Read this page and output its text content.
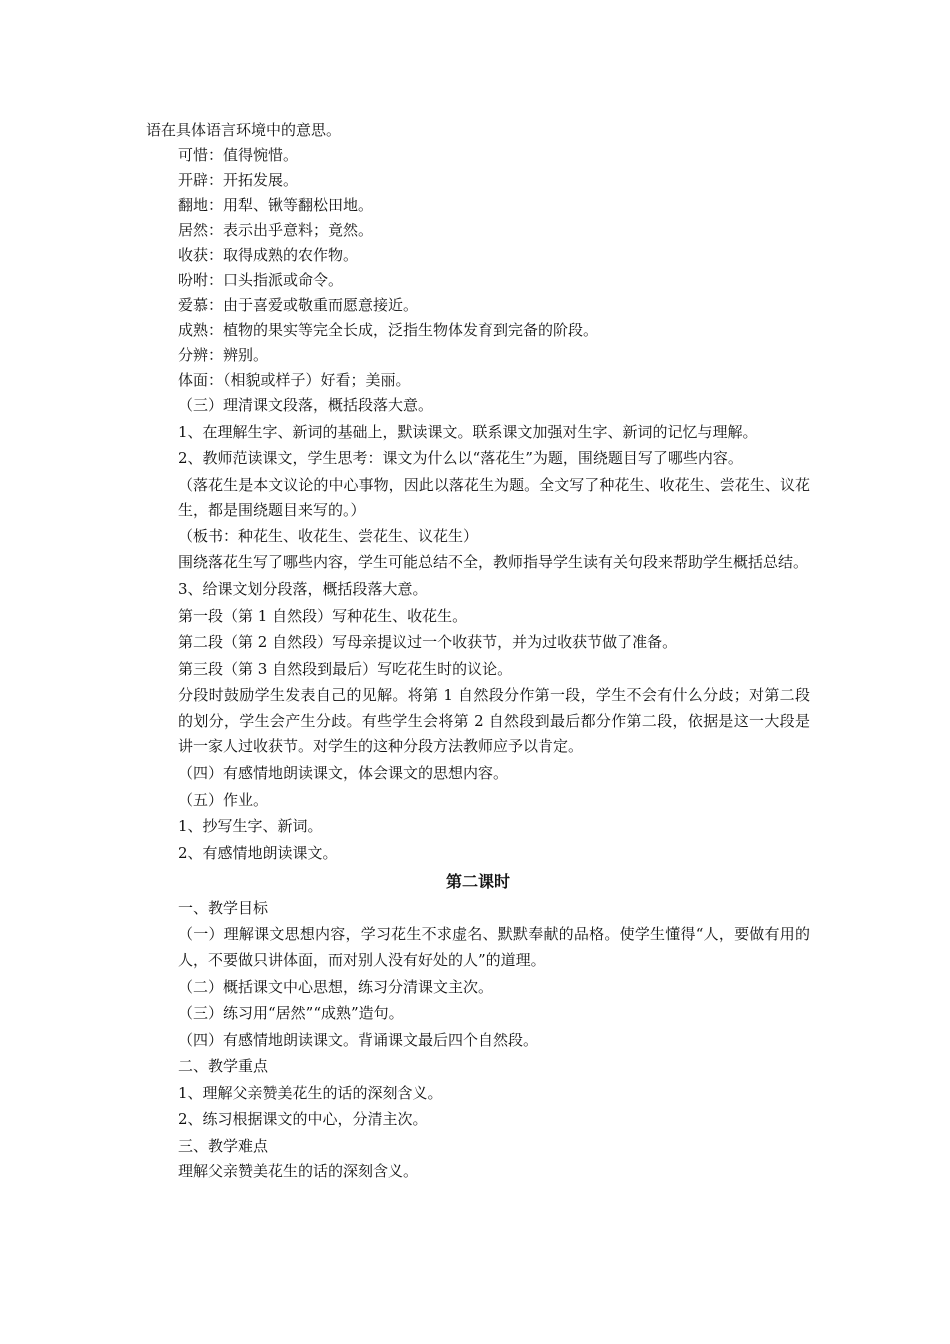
语在具体语言环境中的意思。

可惜：值得惋惜。

开辟：开拓发展。

翻地：用犁、锹等翻松田地。

居然：表示出乎意料；竟然。

收获：取得成熟的农作物。

吩咐：口头指派或命令。

爱慕：由于喜爱或敬重而愿意接近。

成熟：植物的果实等完全长成，泛指生物体发育到完备的阶段。

分辨：辨别。

体面：（相貌或样子）好看；美丽。

（三）理清课文段落，概括段落大意。

1、在理解生字、新词的基础上，默读课文。联系课文加强对生字、新词的记忆与理解。

2、教师范读课文，学生思考：课文为什么以“落花生”为题，围绕题目写了哪些内容。

（落花生是本文议论的中心事物，因此以落花生为题。全文写了种花生、收花生、尝花生、议花生，都是围绕题目来写的。）

（板书：种花生、收花生、尝花生、议花生）

围绕落花生写了哪些内容，学生可能总结不全，教师指导学生读有关句段来帮助学生概括总结。

3、给课文划分段落，概括段落大意。

第一段（第 1 自然段）写种花生、收花生。

第二段（第 2 自然段）写母亲提议过一个收获节，并为过收获节做了准备。

第三段（第 3 自然段到最后）写吃花生时的议论。

分段时鼓励学生发表自己的见解。将第 1 自然段分作第一段，学生不会有什么分歧；对第二段的划分，学生会产生分歧。有些学生会将第 2 自然段到最后都分作第二段，依据是这一大段是讲一家人过收获节。对学生的这种分段方法教师应予以肯定。

（四）有感情地朗读课文，体会课文的思想内容。

（五）作业。

1、抄写生字、新词。

2、有感情地朗读课文。

第二课时

一、教学目标

（一）理解课文思想内容，学习花生不求虚名、默默奉献的品格。使学生懂得“人，要做有用的人，不要做只讲体面，而对别人没有好处的人”的道理。

（二）概括课文中心思想，练习分清课文主次。

（三）练习用“居然”“成熟”造句。

（四）有感情地朗读课文。背诵课文最后四个自然段。

二、教学重点

1、理解父亲赞美花生的话的深刻含义。

2、练习根据课文的中心，分清主次。

三、教学难点

理解父亲赞美花生的话的深刻含义。
